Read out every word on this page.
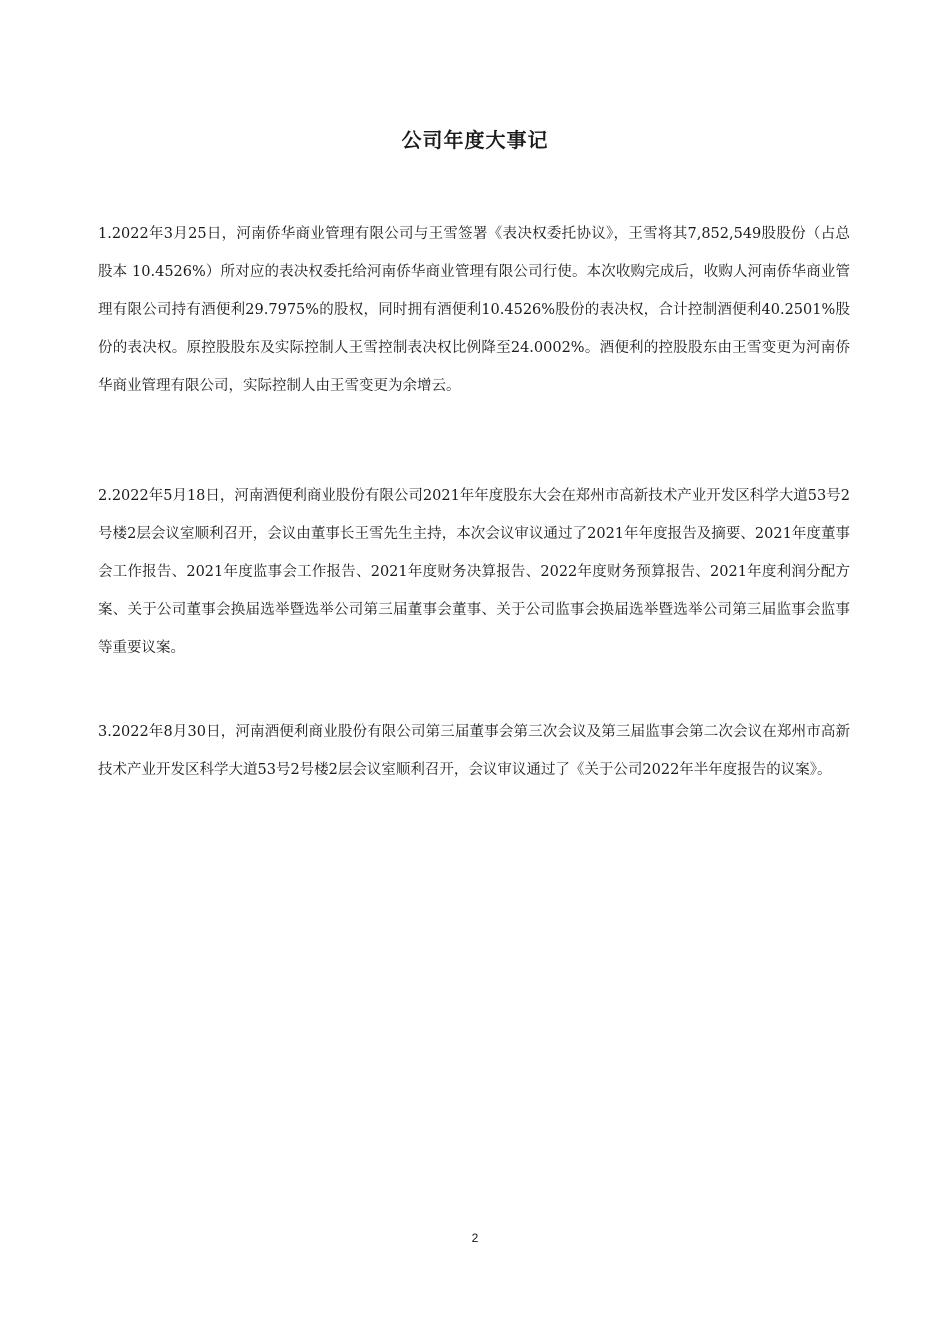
公司年度大事记
1.2022年3月25日，河南侨华商业管理有限公司与王雪签署《表决权委托协议》，王雪将其7,852,549股股份（占总股本 10.4526%）所对应的表决权委托给河南侨华商业管理有限公司行使。本次收购完成后，收购人河南侨华商业管理有限公司持有酒便利29.7975%的股权，同时拥有酒便利10.4526%股份的表决权，合计控制酒便利40.2501%股份的表决权。原控股股东及实际控制人王雪控制表决权比例降至24.0002%。酒便利的控股股东由王雪变更为河南侨华商业管理有限公司，实际控制人由王雪变更为余增云。
2.2022年5月18日，河南酒便利商业股份有限公司2021年年度股东大会在郑州市高新技术产业开发区科学大道53号2号楼2层会议室顺利召开，会议由董事长王雪先生主持，本次会议审议通过了2021年年度报告及摘要、2021年度董事会工作报告、2021年度监事会工作报告、2021年度财务决算报告、2022年度财务预算报告、2021年度利润分配方案、关于公司董事会换届选举暨选举公司第三届董事会董事、关于公司监事会换届选举暨选举公司第三届监事会监事等重要议案。
3.2022年8月30日，河南酒便利商业股份有限公司第三届董事会第三次会议及第三届监事会第二次会议在郑州市高新技术产业开发区科学大道53号2号楼2层会议室顺利召开，会议审议通过了《关于公司2022年半年度报告的议案》。
2
